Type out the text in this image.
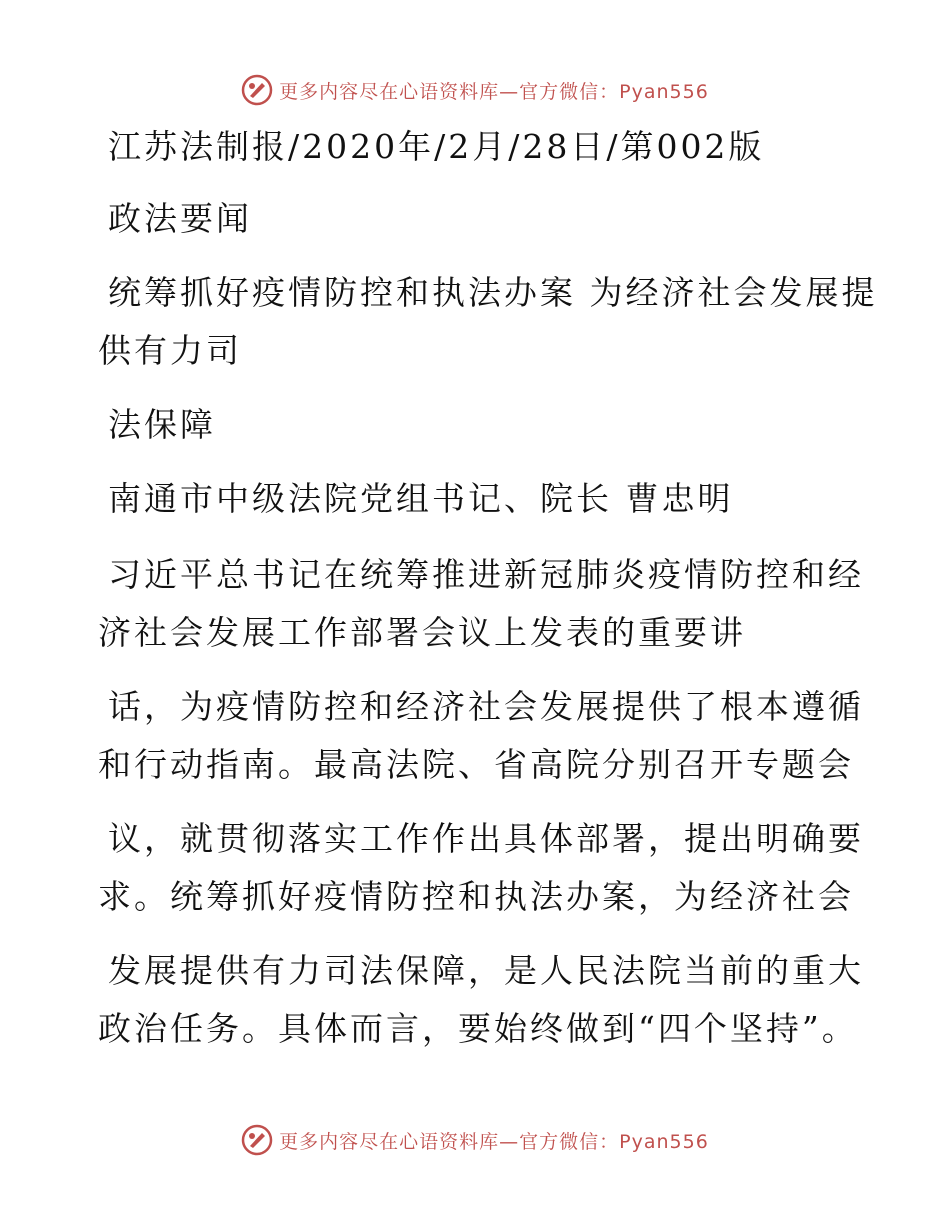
更多内容尽在心语资料库—官方微信：Pyan556
江苏法制报/2020年/2月/28日/第002版
政法要闻
统筹抓好疫情防控和执法办案 为经济社会发展提
供有力司
法保障
南通市中级法院党组书记、院长 曹忠明
习近平总书记在统筹推进新冠肺炎疫情防控和经
济社会发展工作部署会议上发表的重要讲
话，为疫情防控和经济社会发展提供了根本遵循
和行动指南。最高法院、省高院分别召开专题会
议，就贯彻落实工作作出具体部署，提出明确要
求。统筹抓好疫情防控和执法办案，为经济社会
发展提供有力司法保障，是人民法院当前的重大
政治任务。具体而言，要始终做到“四个坚持”。
更多内容尽在心语资料库—官方微信：Pyan556
